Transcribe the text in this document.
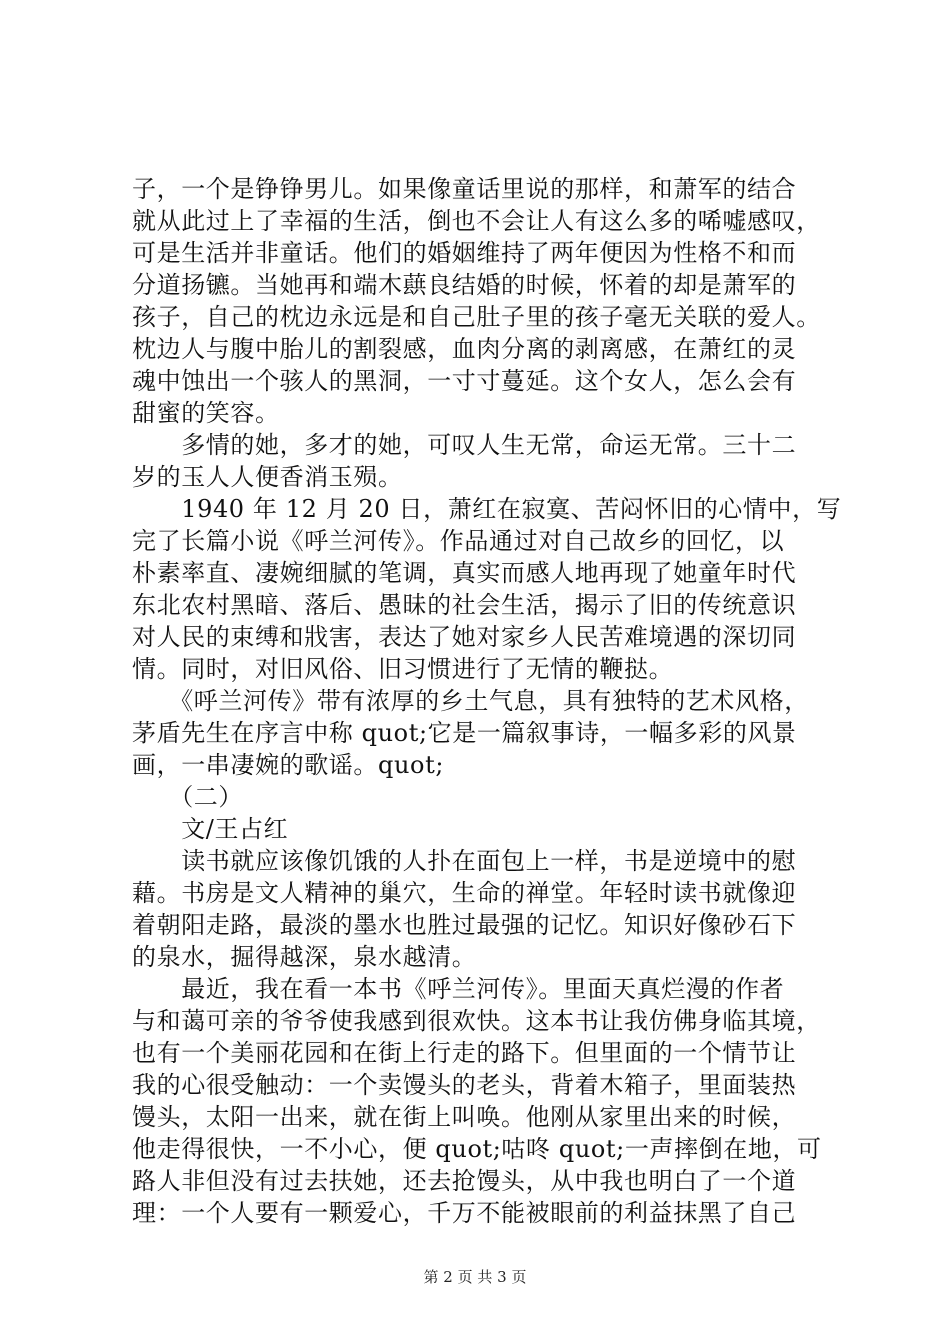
子，一个是铮铮男儿。如果像童话里说的那样，和萧军的结合
就从此过上了幸福的生活，倒也不会让人有这么多的唏嘘感叹，
可是生活并非童话。他们的婚姻维持了两年便因为性格不和而
分道扬镳。当她再和端木蕻良结婚的时候，怀着的却是萧军的
孩子，自己的枕边永远是和自己肚子里的孩子毫无关联的爱人。
枕边人与腹中胎儿的割裂感，血肉分离的剥离感，在萧红的灵
魂中蚀出一个骇人的黑洞，一寸寸蔓延。这个女人，怎么会有
甜蜜的笑容。
　　多情的她，多才的她，可叹人生无常，命运无常。三十二
岁的玉人人便香消玉殒。
　　1940 年 12 月 20 日，萧红在寂寞、苦闷怀旧的心情中，写
完了长篇小说《呼兰河传》。作品通过对自己故乡的回忆，以
朴素率直、凄婉细腻的笔调，真实而感人地再现了她童年时代
东北农村黑暗、落后、愚昧的社会生活，揭示了旧的传统意识
对人民的束缚和戕害，表达了她对家乡人民苦难境遇的深切同
情。同时，对旧风俗、旧习惯进行了无情的鞭挞。
　　《呼兰河传》带有浓厚的乡土气息，具有独特的艺术风格，
茅盾先生在序言中称 quot;它是一篇叙事诗，一幅多彩的风景
画，一串凄婉的歌谣。quot;
　　（二）
　　文/王占红
　　读书就应该像饥饿的人扑在面包上一样，书是逆境中的慰
藉。书房是文人精神的巢穴，生命的禅堂。年轻时读书就像迎
着朝阳走路，最淡的墨水也胜过最强的记忆。知识好像砂石下
的泉水，掘得越深，泉水越清。
　　最近，我在看一本书《呼兰河传》。里面天真烂漫的作者
与和蔼可亲的爷爷使我感到很欢快。这本书让我仿佛身临其境，
也有一个美丽花园和在街上行走的路下。但里面的一个情节让
我的心很受触动：一个卖馒头的老头，背着木箱子，里面装热
馒头，太阳一出来，就在街上叫唤。他刚从家里出来的时候，
他走得很快，一不小心，便 quot;咕咚 quot;一声摔倒在地，可
路人非但没有过去扶她，还去抢馒头，从中我也明白了一个道
理：一个人要有一颗爱心，千万不能被眼前的利益抹黑了自己
第 2 页 共 3 页
